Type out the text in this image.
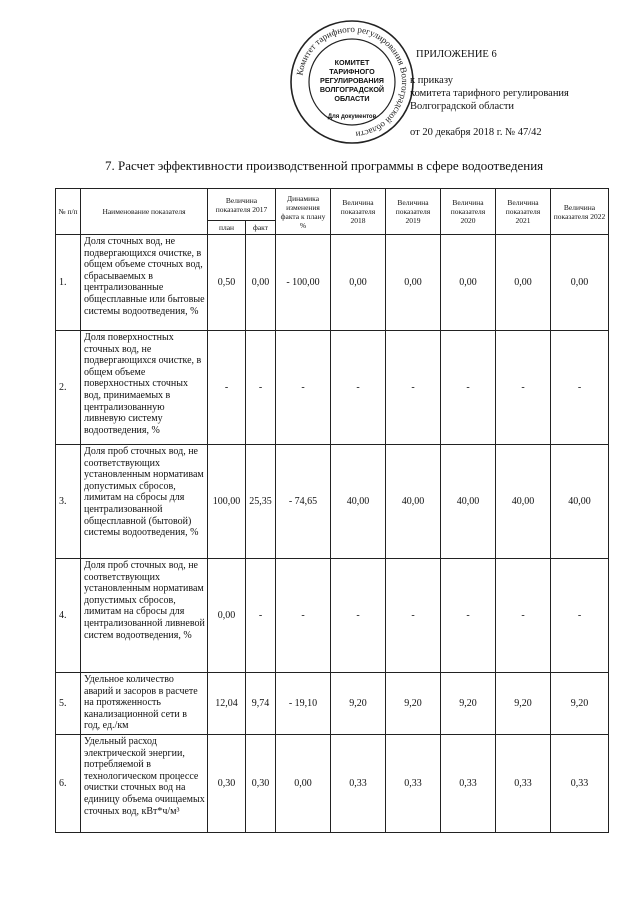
Комитет тарифного регулирования Волгоградской области
КОМИТЕТ
ТАРИФНОГО
РЕГУЛИРОВАНИЯ
ВОЛГОГРАДСКОЙ
ОБЛАСТИ
Для документов
ПРИЛОЖЕНИЕ 6
к приказу
комитета тарифного регулирования
Волгоградской области
от 20 декабря 2018 г. № 47/42
7. Расчет эффективности производственной программы в сфере водоотведения
№ п/п	Наименование показателя	Величина показателя 2017		Динамика изменения факта к плану %	Величина показателя 2018	Величина показателя 2019	Величина показателя 2020	Величина показателя 2021	Величина показателя 2022
		план	факт						
1.	Доля сточных вод, не подвергающихся очистке, в общем объеме сточных вод, сбрасываемых в централизованные общесплавные или бытовые системы водоотведения, %	0,50	0,00	- 100,00	0,00	0,00	0,00	0,00	0,00
2.	Доля поверхностных сточных вод, не подвергающихся очистке, в общем объеме поверхностных сточных вод, принимаемых в централизованную ливневую систему водоотведения, %	-	-	-	-	-	-	-	-
3.	Доля проб сточных вод, не соответствующих установленным нормативам допустимых сбросов, лимитам на сбросы для централизованной общесплавной (бытовой) системы водоотведения, %	100,00	25,35	- 74,65	40,00	40,00	40,00	40,00	40,00
4.	Доля проб сточных вод, не соответствующих установленным нормативам допустимых сбросов, лимитам на сбросы для централизованной ливневой систем водоотведения, %	0,00	-	-	-	-	-	-	-
5.	Удельное количество аварий и засоров в расчете на протяженность канализационной сети в год, ед./км	12,04	9,74	- 19,10	9,20	9,20	9,20	9,20	9,20
6.	Удельный расход электрической энергии, потребляемой в технологическом процессе очистки сточных вод на единицу объема очищаемых сточных вод, кВт*ч/м³	0,30	0,30	0,00	0,33	0,33	0,33	0,33	0,33
